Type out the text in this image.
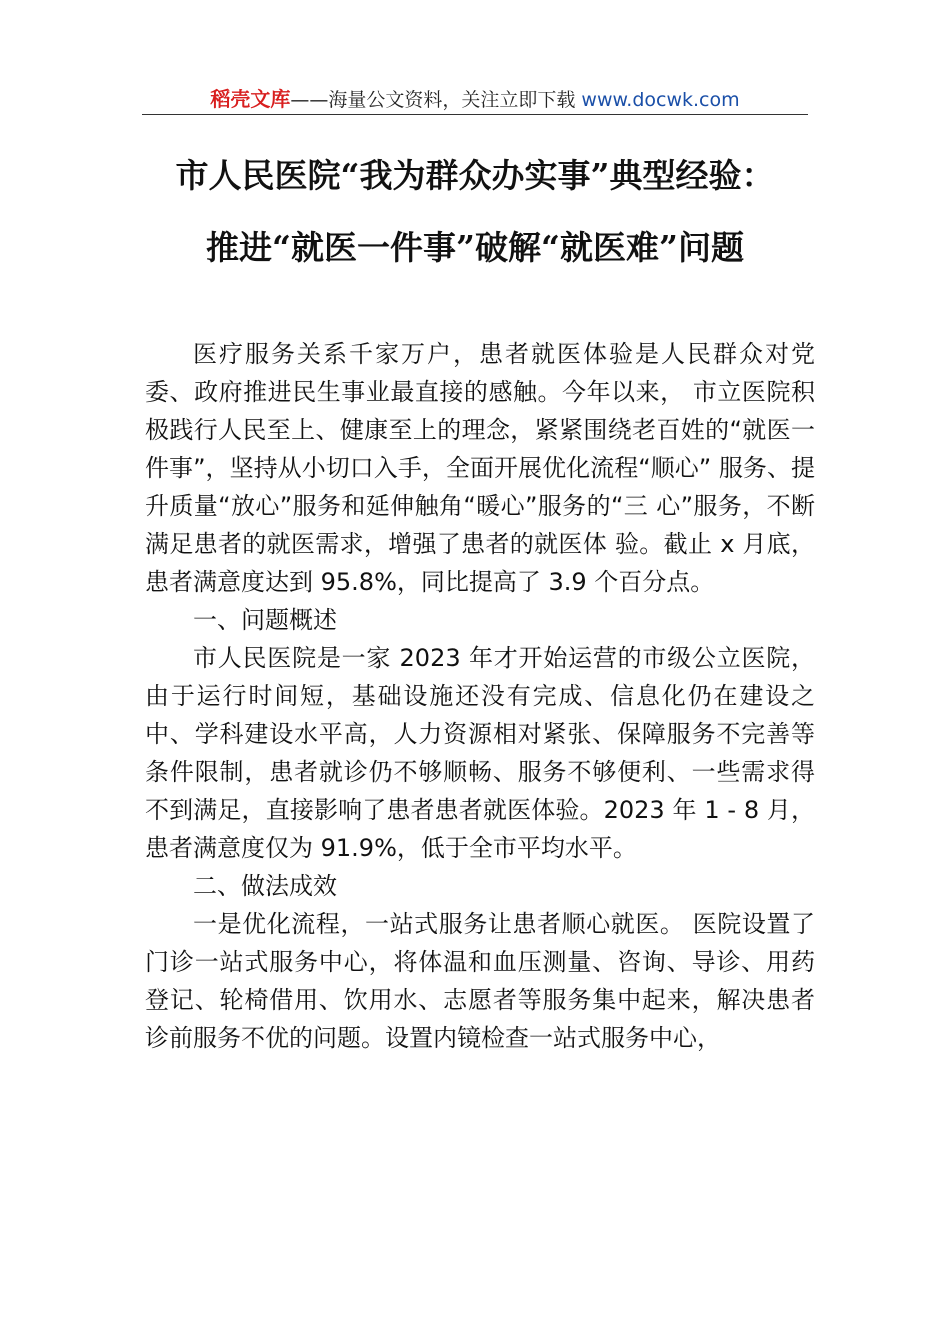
稻壳文库——海量公文资料，关注立即下载 www.docwk.com
市人民医院“我为群众办实事”典型经验：
推进“就医一件事”破解“就医难”问题

医疗服务关系千家万户，患者就医体验是人民群众对党委、政府推进民生事业最直接的感触。今年以来， 市立医院积极践行人民至上、健康至上的理念，紧紧围绕老百姓的“就医一件事”，坚持从小切口入手，全面开展优化流程“顺心” 服务、提升质量“放心”服务和延伸触角“暖心”服务的“三 心”服务，不断满足患者的就医需求，增强了患者的就医体 验。截止 x 月底， 患者满意度达到 95.8%，同比提高了 3.9 个百分点。

一、问题概述

市人民医院是一家 2023 年才开始运营的市级公立医院，由于运行时间短，基础设施还没有完成、信息化仍在建设之中、学科建设水平高，人力资源相对紧张、保障服务不完善等条件限制，患者就诊仍不够顺畅、服务不够便利、一些需求得不到满足，直接影响了患者患者就医体验。2023 年 1 - 8 月，患者满意度仅为 91.9%，低于全市平均水平。

二、做法成效

一是优化流程，一站式服务让患者顺心就医。 医院设置了门诊一站式服务中心，将体温和血压测量、咨询、导诊、用药登记、轮椅借用、饮用水、志愿者等服务集中起来，解决患者诊前服务不优的问题。设置内镜检查一站式服务中心，
